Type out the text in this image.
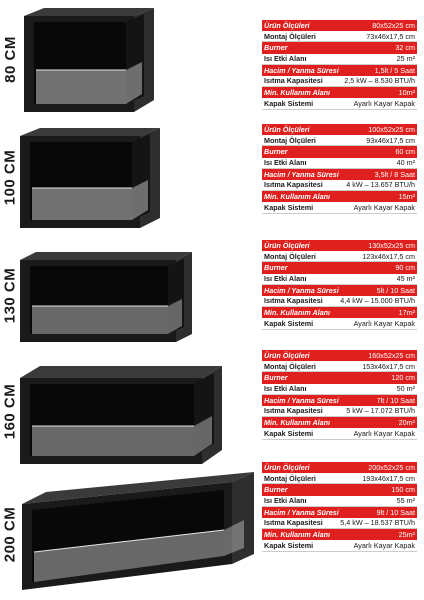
80 CM
Ürün Ölçüleri	80x52x25 cm
Montaj Ölçüleri	73x46x17,5 cm
Burner	32 cm
Isı Etki Alanı	25 m²
Hacim / Yanma Süresi	1,5lt / 5 Saat
Isıtma Kapasitesi	2,5 kW – 8.530 BTU/h
Min. Kullanım Alanı	10m²
Kapak Sistemi	Ayarlı Kayar Kapak
100 CM
Ürün Ölçüleri	100x52x25 cm
Montaj Ölçüleri	93x46x17,5 cm
Burner	60 cm
Isı Etki Alanı	40 m²
Hacim / Yanma Süresi	3,5lt / 8 Saat
Isıtma Kapasitesi	4 kW – 13.657 BTU/h
Min. Kullanım Alanı	15m²
Kapak Sistemi	Ayarlı Kayar Kapak
130 CM
Ürün Ölçüleri	130x52x25 cm
Montaj Ölçüleri	123x46x17,5 cm
Burner	90 cm
Isı Etki Alanı	45 m²
Hacim / Yanma Süresi	5lt / 10 Saat
Isıtma Kapasitesi 4,4 kW – 15.000 BTU/h
Min. Kullanım Alanı	17m²
Kapak Sistemi	Ayarlı Kayar Kapak
160 CM
Ürün Ölçüleri	160x52x25 cm
Montaj Ölçüleri	153x46x17,5 cm
Burner	120 cm
Isı Etki Alanı	50 m²
Hacim / Yanma Süresi	7lt / 10 Saat
Isıtma Kapasitesi	5 kW – 17.072 BTU/h
Min. Kullanım Alanı	20m²
Kapak Sistemi	Ayarlı Kayar Kapak
200 CM
Ürün Ölçüleri	200x52x25 cm
Montaj Ölçüleri	193x46x17,5 cm
Burner	150 cm
Isı Etki Alanı	55 m²
Hacim / Yanma Süresi	9lt / 10 Saat
Isıtma Kapasitesi 5,4 kW – 18.537 BTU/h
Min. Kullanım Alanı	25m²
Kapak Sistemi	Ayarlı Kayar Kapak
